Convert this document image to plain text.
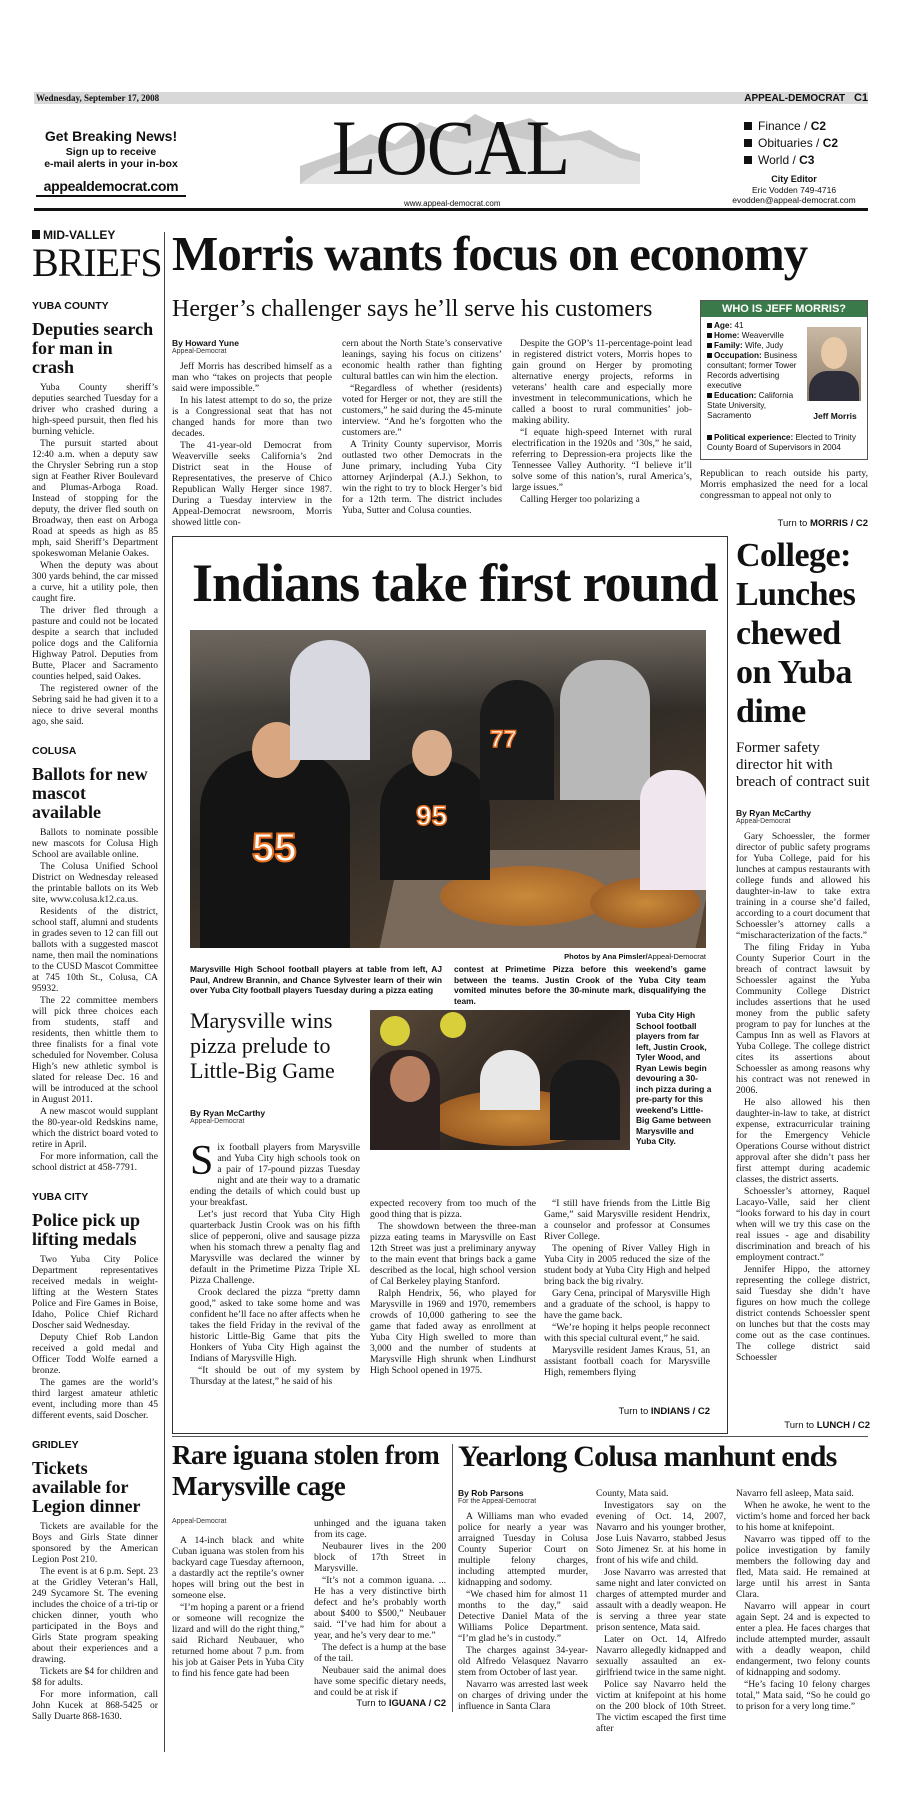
Wednesday, September 17, 2008	APPEAL-DEMOCRAT C1
Get Breaking News!
Sign up to receive
e-mail alerts in your in-box
appealdemocrat.com LOCAL
www.appeal-democrat.com
Finance / C2
Obituaries / C2
World / C3
City Editor
Eric Vodden 749-4716
evodden@appeal-democrat.com
MID-VALLEY
BRIEFS
YUBA COUNTY
Deputies search for man in crash

Yuba County sheriff’s deputies searched Tuesday for a driver who crashed during a high-speed pursuit, then fled his burning vehicle.

The pursuit started about 12:40 a.m. when a deputy saw the Chrysler Sebring run a stop sign at Feather River Boulevard and Plumas-Arboga Road. Instead of stopping for the deputy, the driver fled south on Broadway, then east on Arboga Road at speeds as high as 85 mph, said Sheriff’s Department spokeswoman Melanie Oakes.

When the deputy was about 300 yards behind, the car missed a curve, hit a utility pole, then caught fire.

The driver fled through a pasture and could not be located despite a search that included police dogs and the California Highway Patrol. Deputies from Butte, Placer and Sacramento counties helped, said Oakes.

The registered owner of the Sebring said he had given it to a niece to drive several months ago, she said.

COLUSA
Ballots for new mascot available

Ballots to nominate possible new mascots for Colusa High School are available online.

The Colusa Unified School District on Wednesday released the printable ballots on its Web site, www.colusa.k12.ca.us.

Residents of the district, school staff, alumni and students in grades seven to 12 can fill out ballots with a suggested mascot name, then mail the nominations to the CUSD Mascot Committee at 745 10th St., Colusa, CA 95932.

The 22 committee members will pick three choices each from students, staff and residents, then whittle them to three finalists for a final vote scheduled for November. Colusa High’s new athletic symbol is slated for release Dec. 16 and will be introduced at the school in August 2011.

A new mascot would supplant the 80-year-old Redskins name, which the district board voted to retire in April.

For more information, call the school district at 458-7791.

YUBA CITY
Police pick up lifting medals

Two Yuba City Police Department representatives received medals in weight-lifting at the Western States Police and Fire Games in Boise, Idaho, Police Chief Richard Doscher said Wednesday.

Deputy Chief Rob Landon received a gold medal and Officer Todd Wolfe earned a bronze.

The games are the world’s third largest amateur athletic event, including more than 45 different events, said Doscher.

GRIDLEY
Tickets available for Legion dinner

Tickets are available for the Boys and Girls State dinner sponsored by the American Legion Post 210.

The event is at 6 p.m. Sept. 23 at the Gridley Veteran’s Hall, 249 Sycamore St. The evening includes the choice of a tri-tip or chicken dinner, youth who participated in the Boys and Girls State program speaking about their experiences and a drawing.

Tickets are $4 for children and $8 for adults.

For more information, call John Kucek at 868-5425 or Sally Duarte 868-1630.

Morris wants focus on economy
Herger’s challenger says he’ll serve his customers
By Howard Yune
Appeal-Democrat

Jeff Morris has described himself as a man who “takes on projects that people said were impossible.”

In his latest attempt to do so, the prize is a Congressional seat that has not changed hands for more than two decades.

The 41-year-old Democrat from Weaverville seeks California’s 2nd District seat in the House of Representatives, the preserve of Chico Republican Wally Herger since 1987. During a Tuesday interview in the Appeal-Democrat newsroom, Morris showed little con-

cern about the North State’s conservative leanings, saying his focus on citizens’ economic health rather than fighting cultural battles can win him the election.

“Regardless of whether (residents) voted for Herger or not, they are still the customers,” he said during the 45-minute interview. “And he’s forgotten who the customers are.”

A Trinity County supervisor, Morris outlasted two other Democrats in the June primary, including Yuba City attorney Arjinderpal (A.J.) Sekhon, to win the right to try to block Herger’s bid for a 12th term. The district includes Yuba, Sutter and Colusa counties.

Despite the GOP’s 11-percentage-point lead in registered district voters, Morris hopes to gain ground on Herger by promoting alternative energy projects, reforms in veterans’ health care and especially more investment in telecommunications, which he called a boost to rural communities’ job-making ability.

“I equate high-speed Internet with rural electrification in the 1920s and ’30s,” he said, referring to Depression-era projects like the Tennessee Valley Authority. “I believe it’ll solve some of this nation’s, rural America’s, large issues.”

Calling Herger too polarizing a

WHO IS JEFF MORRIS?
Age: 41
Home: Weaverville
Family: Wife, Judy
Occupation: Business consultant; former Tower Records advertising executive
Education: California State University, Sacramento
Political experience: Elected to Trinity County Board of Supervisors in 2004
Jeff Morris

Republican to reach outside his party, Morris emphasized the need for a local congressman to appeal not only to

Turn to MORRIS / C2
Indians take first round
55
95
77
Photos by Ana Pimsler/Appeal-Democrat
Marysville High School football players at table from left, AJ Paul, Andrew Brannin, and Chance Sylvester learn of their win over Yuba City football players Tuesday during a pizza eating
contest at Primetime Pizza before this weekend’s game between the teams. Justin Crook of the Yuba City team vomited minutes before the 30-minute mark, disqualifying the team.
Marysville wins pizza prelude to Little-Big Game
By Ryan McCarthy
Appeal-Democrat
Yuba City High School football players from far left, Justin Crook, Tyler Wood, and Ryan Lewis begin devouring a 30-inch pizza during a pre-party for this weekend’s Little-Big Game between Marysville and Yuba City.

Six football players from Marysville and Yuba City high schools took on a pair of 17-pound pizzas Tuesday night and ate their way to a dramatic ending the details of which could bust up your breakfast.

Let’s just record that Yuba City High quarterback Justin Crook was on his fifth slice of pepperoni, olive and sausage pizza when his stomach threw a penalty flag and Marysville was declared the winner by default in the Primetime Pizza Triple XL Pizza Challenge.

Crook declared the pizza “pretty damn good,” asked to take some home and was confident he’ll face no after affects when he takes the field Friday in the revival of the historic Little-Big Game that pits the Honkers of Yuba City High against the Indians of Marysville High.

“It should be out of my system by Thursday at the latest,” he said of his

expected recovery from too much of the good thing that is pizza.

The showdown between the three-man pizza eating teams in Marysville on East 12th Street was just a preliminary anyway to the main event that brings back a game described as the local, high school version of Cal Berkeley playing Stanford.

Ralph Hendrix, 56, who played for Marysville in 1969 and 1970, remembers crowds of 10,000 gathering to see the game that faded away as enrollment at Yuba City High swelled to more than 3,000 and the number of students at Marysville High shrunk when Lindhurst High School opened in 1975.

“I still have friends from the Little Big Game,” said Marysville resident Hendrix, a counselor and professor at Consumes River College.

The opening of River Valley High in Yuba City in 2005 reduced the size of the student body at Yuba City High and helped bring back the big rivalry.

Gary Cena, principal of Marysville High and a graduate of the school, is happy to have the game back.

“We’re hoping it helps people reconnect with this special cultural event,” he said.

Marysville resident James Kraus, 51, an assistant football coach for Marysville High, remembers flying

Turn to INDIANS / C2
College: Lunches chewed on Yuba dime
Former safety director hit with breach of contract suit
By Ryan McCarthy
Appeal-Democrat

Gary Schoessler, the former director of public safety programs for Yuba College, paid for his lunches at campus restaurants with college funds and allowed his daughter-in-law to take extra training in a course she’d failed, according to a court document that Schoessler’s attorney calls a “mischaracterization of the facts.”

The filing Friday in Yuba County Superior Court in the breach of contract lawsuit by Schoessler against the Yuba Community College District includes assertions that he used money from the public safety program to pay for lunches at the Campus Inn as well as Flavors at Yuba College. The college district cites its assertions about Schoessler as among reasons why his contract was not renewed in 2006.

He also allowed his then daughter-in-law to take, at district expense, extracurricular training for the Emergency Vehicle Operations Course without district approval after she didn’t pass her first attempt during academic classes, the district asserts.

Schoessler’s attorney, Raquel Lacayo-Valle, said her client “looks forward to his day in court when will we try this case on the real issues - age and disability discrimination and breach of his employment contract.”

Jennifer Hippo, the attorney representing the college district, said Tuesday she didn’t have figures on how much the college district contends Schoessler spent on lunches but that the costs may come out as the case continues. The college district said Schoessler

Turn to LUNCH / C2
Rare iguana stolen from Marysville cage
Appeal-Democrat

A 14-inch black and white Cuban iguana was stolen from his backyard cage Tuesday afternoon, a dastardly act the reptile’s owner hopes will bring out the best in someone else.

“I’m hoping a parent or a friend or someone will recognize the lizard and will do the right thing,” said Richard Neubauer, who returned home about 7 p.m. from his job at Gaiser Pets in Yuba City to find his fence gate had been

unhinged and the iguana taken from its cage.

Neubaurer lives in the 200 block of 17th Street in Marysville.

“It’s not a common iguana. ... He has a very distinctive birth defect and he’s probably worth about $400 to $500,” Neubauer said. “I’ve had him for about a year, and he’s very dear to me.”

The defect is a hump at the base of the tail.

Neubauer said the animal does have some specific dietary needs, and could be at risk if

Turn to IGUANA / C2
Yearlong Colusa manhunt ends
By Rob Parsons
For the Appeal-Democrat

A Williams man who evaded police for nearly a year was arraigned Tuesday in Colusa County Superior Court on multiple felony charges, including attempted murder, kidnapping and sodomy.

“We chased him for almost 11 months to the day,” said Detective Daniel Mata of the Williams Police Department. “I’m glad he’s in custody.”

The charges against 34-year-old Alfredo Velasquez Navarro stem from October of last year.

Navarro was arrested last week on charges of driving under the influence in Santa Clara

County, Mata said.

Investigators say on the evening of Oct. 14, 2007, Navarro and his younger brother, Jose Luis Navarro, stabbed Jesus Soto Jimenez Sr. at his home in front of his wife and child.

Jose Navarro was arrested that same night and later convicted on charges of attempted murder and assault with a deadly weapon. He is serving a three year state prison sentence, Mata said.

Later on Oct. 14, Alfredo Navarro allegedly kidnapped and sexually assaulted an ex-girlfriend twice in the same night.

Police say Navarro held the victim at knifepoint at his home on the 200 block of 10th Street. The victim escaped the first time after

Navarro fell asleep, Mata said.

When he awoke, he went to the victim’s home and forced her back to his home at knifepoint.

Navarro was tipped off to the police investigation by family members the following day and fled, Mata said. He remained at large until his arrest in Santa Clara.

Navarro will appear in court again Sept. 24 and is expected to enter a plea. He faces charges that include attempted murder, assault with a deadly weapon, child endangerment, two felony counts of kidnapping and sodomy.

“He’s facing 10 felony charges total,” Mata said, “So he could go to prison for a very long time.”
